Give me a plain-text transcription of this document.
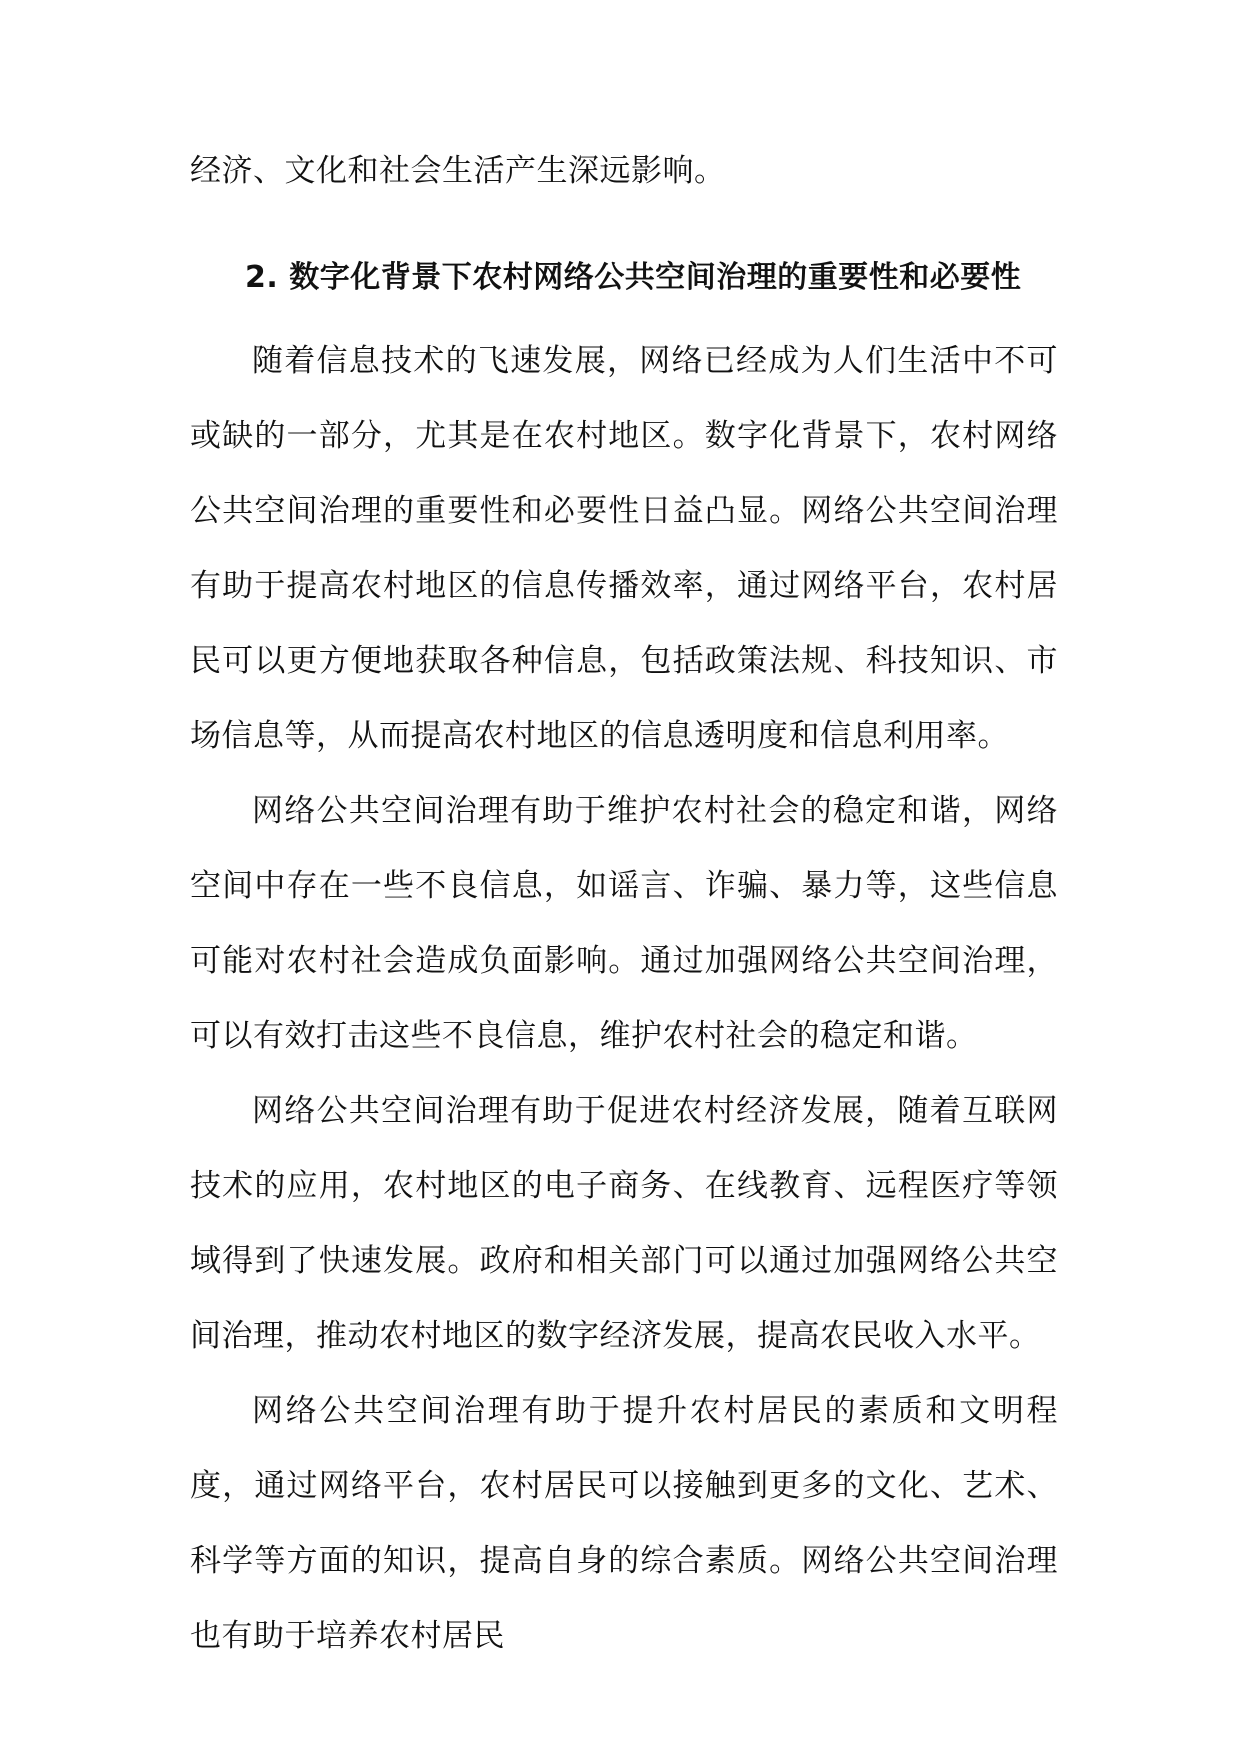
经济、文化和社会生活产生深远影响。

2. 数字化背景下农村网络公共空间治理的重要性和必要性

随着信息技术的飞速发展，网络已经成为人们生活中不可或缺的一部分，尤其是在农村地区。数字化背景下，农村网络公共空间治理的重要性和必要性日益凸显。网络公共空间治理有助于提高农村地区的信息传播效率，通过网络平台，农村居民可以更方便地获取各种信息，包括政策法规、科技知识、市场信息等，从而提高农村地区的信息透明度和信息利用率。

网络公共空间治理有助于维护农村社会的稳定和谐，网络空间中存在一些不良信息，如谣言、诈骗、暴力等，这些信息可能对农村社会造成负面影响。通过加强网络公共空间治理，可以有效打击这些不良信息，维护农村社会的稳定和谐。

网络公共空间治理有助于促进农村经济发展，随着互联网技术的应用，农村地区的电子商务、在线教育、远程医疗等领域得到了快速发展。政府和相关部门可以通过加强网络公共空间治理，推动农村地区的数字经济发展，提高农民收入水平。

网络公共空间治理有助于提升农村居民的素质和文明程度，通过网络平台，农村居民可以接触到更多的文化、艺术、科学等方面的知识，提高自身的综合素质。网络公共空间治理也有助于培养农村居民
